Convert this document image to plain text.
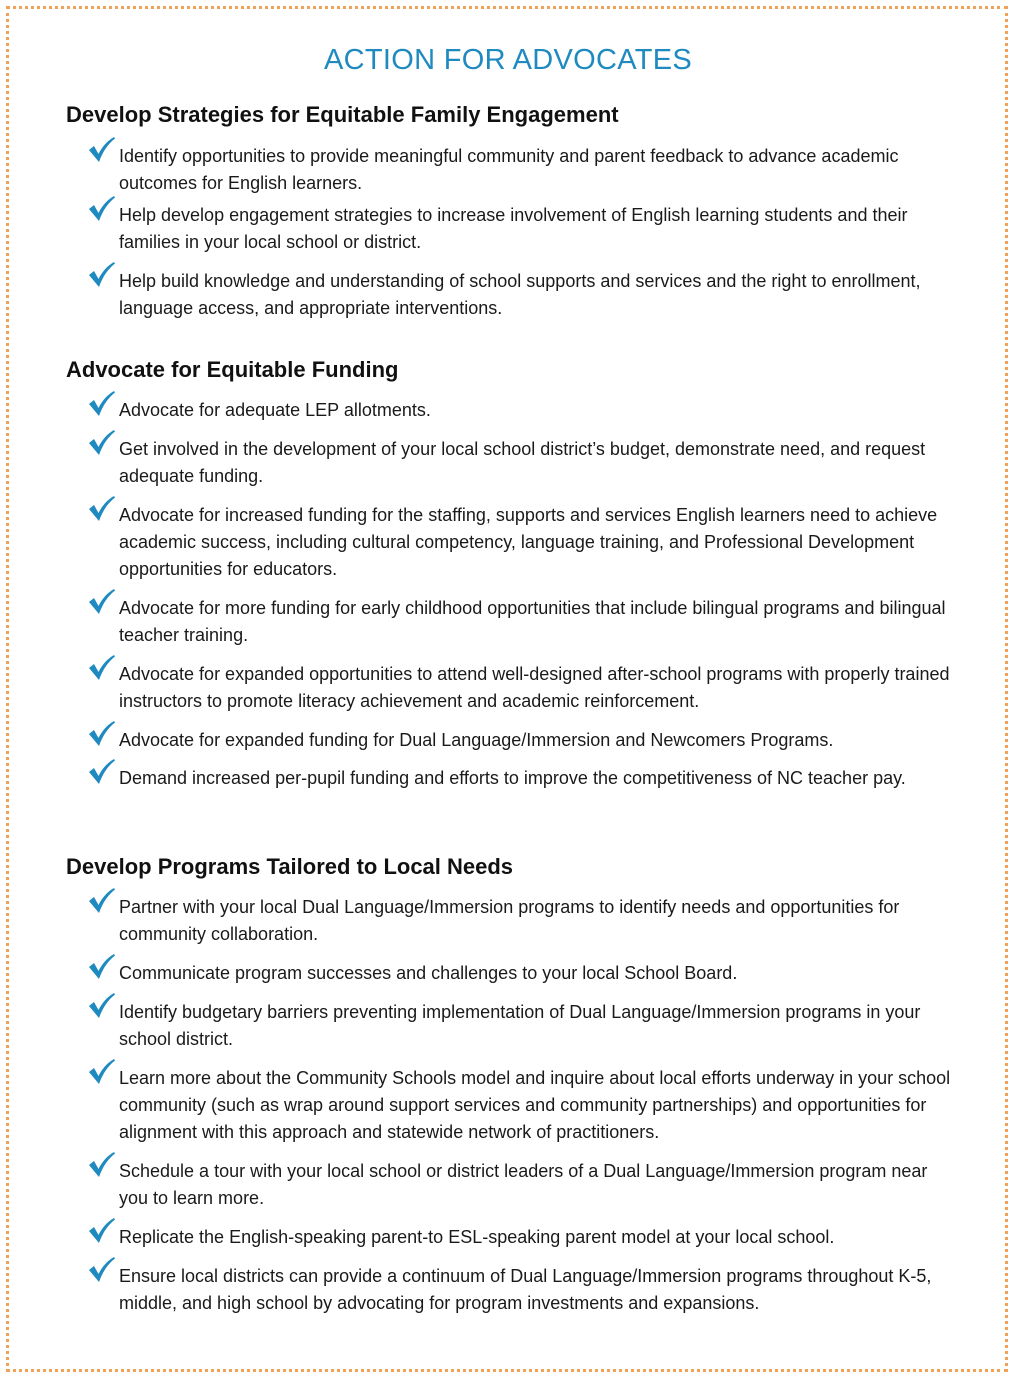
ACTION FOR ADVOCATES
Develop Strategies for Equitable Family Engagement
Identify opportunities to provide meaningful community and parent feedback to advance academic outcomes for English learners.
Help develop engagement strategies to increase involvement of English learning students and their families in your local school or district.
Help build knowledge and understanding of school supports and services and the right to enrollment, language access, and appropriate interventions.
Advocate for Equitable Funding
Advocate for adequate LEP allotments.
Get involved in the development of your local school district’s budget, demonstrate need, and request adequate funding.
Advocate for increased funding for the staffing, supports and services English learners need to achieve academic success, including cultural competency, language training, and Professional Development opportunities for educators.
Advocate for more funding for early childhood opportunities that include bilingual programs and bilingual teacher training.
Advocate for expanded opportunities to attend well-designed after-school programs with properly trained instructors to promote literacy achievement and academic reinforcement.
Advocate for expanded funding for Dual Language/Immersion and Newcomers Programs.
Demand increased per-pupil funding and efforts to improve the competitiveness of NC teacher pay.
Develop Programs Tailored to Local Needs
Partner with your local Dual Language/Immersion programs to identify needs and opportunities for community collaboration.
Communicate program successes and challenges to your local School Board.
Identify budgetary barriers preventing implementation of Dual Language/Immersion programs in your school district.
Learn more about the Community Schools model and inquire about local efforts underway in your school community (such as wrap around support services and community partnerships) and opportunities for alignment with this approach and statewide network of practitioners.
Schedule a tour with your local school or district leaders of a Dual Language/Immersion program near you to learn more.
Replicate the English-speaking parent-to ESL-speaking parent model at your local school.
Ensure local districts can provide a continuum of Dual Language/Immersion programs throughout K-5, middle, and high school by advocating for program investments and expansions.
